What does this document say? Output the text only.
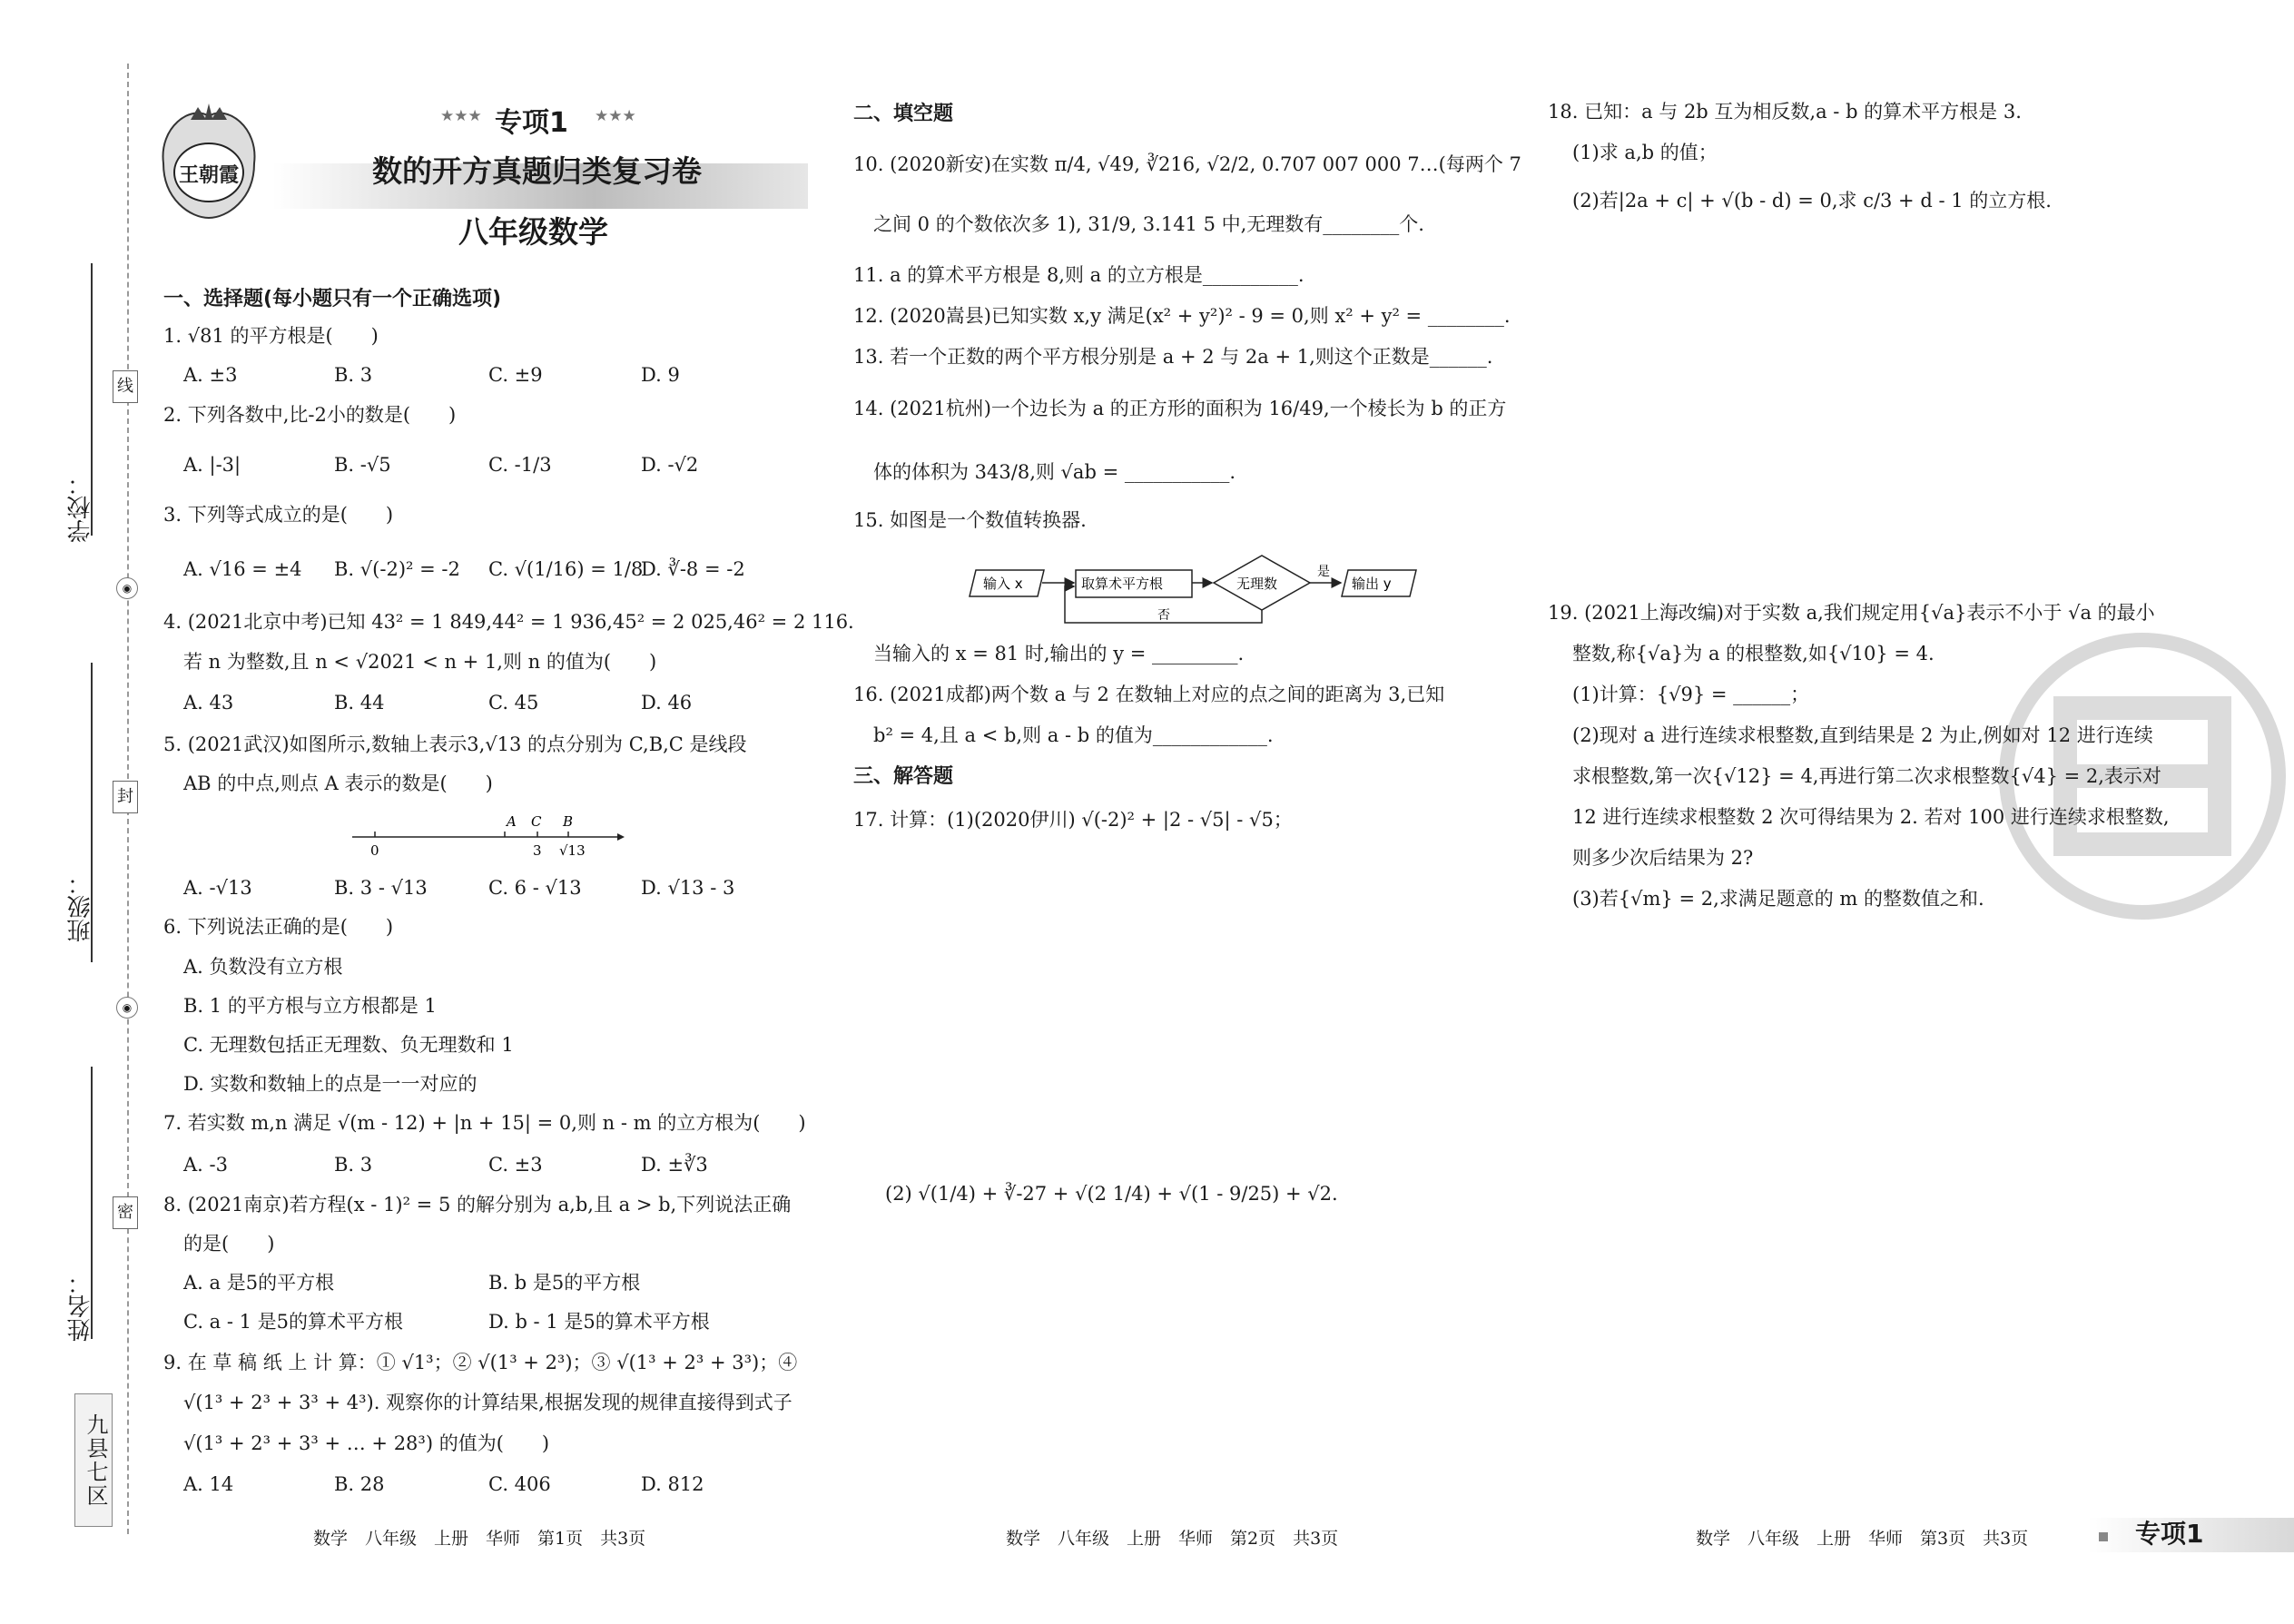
学校：
班级：
姓名：
线
封
密
◉
◉
九县七区
王朝霞
★★★ 专项1 ★★★
数的开方真题归类复习卷
八年级数学
一、选择题(每小题只有一个正确选项)
1. √81 的平方根是(　　)
A. ±3	B. 3	C. ±9	D. 9
2. 下列各数中,比-2小的数是(　　)
A. |-3|	B. -√5	C. -1/3	D. -√2
3. 下列等式成立的是(　　)
A. √16 = ±4 B. √(-2)² = -2 C. √(1/16) = 1/8
D. ∛-8 = -2
4. (2021北京中考)已知 43² = 1 849,44² = 1 936,45² = 2 025,46² = 2 116.
若 n 为整数,且 n < √2021 < n + 1,则 n 的值为(　　)
A. 43	B. 44	C. 45	D. 46
5. (2021武汉)如图所示,数轴上表示3,√13 的点分别为 C,B,C 是线段
AB 的中点,则点 A 表示的数是(　　)
A C B
0	3 √13
A. -√13	B. 3 - √13	C. 6 - √13	D. √13 - 3
6. 下列说法正确的是(　　)
A. 负数没有立方根
B. 1 的平方根与立方根都是 1
C. 无理数包括正无理数、负无理数和 1
D. 实数和数轴上的点是一一对应的
7. 若实数 m,n 满足 √(m - 12) + |n + 15| = 0,则 n - m 的立方根为(　　)
A. -3	B. 3	C. ±3	D. ±∛3
8. (2021南京)若方程(x - 1)² = 5 的解分别为 a,b,且 a > b,下列说法正确
的是(　　)
A. a 是5的平方根	B. b 是5的平方根
C. a - 1 是5的算术平方根	D. b - 1 是5的算术平方根
9. 在 草 稿 纸 上 计 算：① √1³；② √(1³ + 2³)；③ √(1³ + 2³ + 3³)；④
√(1³ + 2³ + 3³ + 4³). 观察你的计算结果,根据发现的规律直接得到式子
√(1³ + 2³ + 3³ + … + 28³) 的值为(　　)
A. 14	B. 28	C. 406	D. 812
二、填空题
10. (2020新安)在实数 π/4, √49, ∛216, √2/2, 0.707 007 000 7…(每两个 7
之间 0 的个数依次多 1), 31/9, 3.141 5 中,无理数有________个.
11. a 的算术平方根是 8,则 a 的立方根是__________.
12. (2020嵩县)已知实数 x,y 满足(x² + y²)² - 9 = 0,则 x² + y² = ________.
13. 若一个正数的两个平方根分别是 a + 2 与 2a + 1,则这个正数是______.
14. (2021杭州)一个边长为 a 的正方形的面积为 16/49,一个棱长为 b 的正方
体的体积为 343/8,则 √ab = ___________.
15. 如图是一个数值转换器.
输入 x	取算术平方根	无理数
是
输出 y
否
当输入的 x = 81 时,输出的 y = _________.
16. (2021成都)两个数 a 与 2 在数轴上对应的点之间的距离为 3,已知
b² = 4,且 a < b,则 a - b 的值为____________.
三、解答题
17. 计算：(1)(2020伊川) √(-2)² + |2 - √5| - √5；
(2) √(1/4) + ∛-27 + √(2 1/4) + √(1 - 9/25) + √2.
18. 已知：a 与 2b 互为相反数,a - b 的算术平方根是 3.
(1)求 a,b 的值；
(2)若|2a + c| + √(b - d) = 0,求 c/3 + d - 1 的立方根.
19. (2021上海改编)对于实数 a,我们规定用{√a}表示不小于 √a 的最小
整数,称{√a}为 a 的根整数,如{√10} = 4.
(1)计算：{√9} = ______；
(2)现对 a 进行连续求根整数,直到结果是 2 为止,例如对 12 进行连续
求根整数,第一次{√12} = 4,再进行第二次求根整数{√4} = 2,表示对
12 进行连续求根整数 2 次可得结果为 2. 若对 100 进行连续求根整数,
则多少次后结果为 2?
(3)若{√m} = 2,求满足题意的 m 的整数值之和.
数学　八年级　上册　华师　第1页　共3页	数学　八年级　上册　华师　第2页　共3页	数学　八年级　上册　华师　第3页　共3页	专项1
